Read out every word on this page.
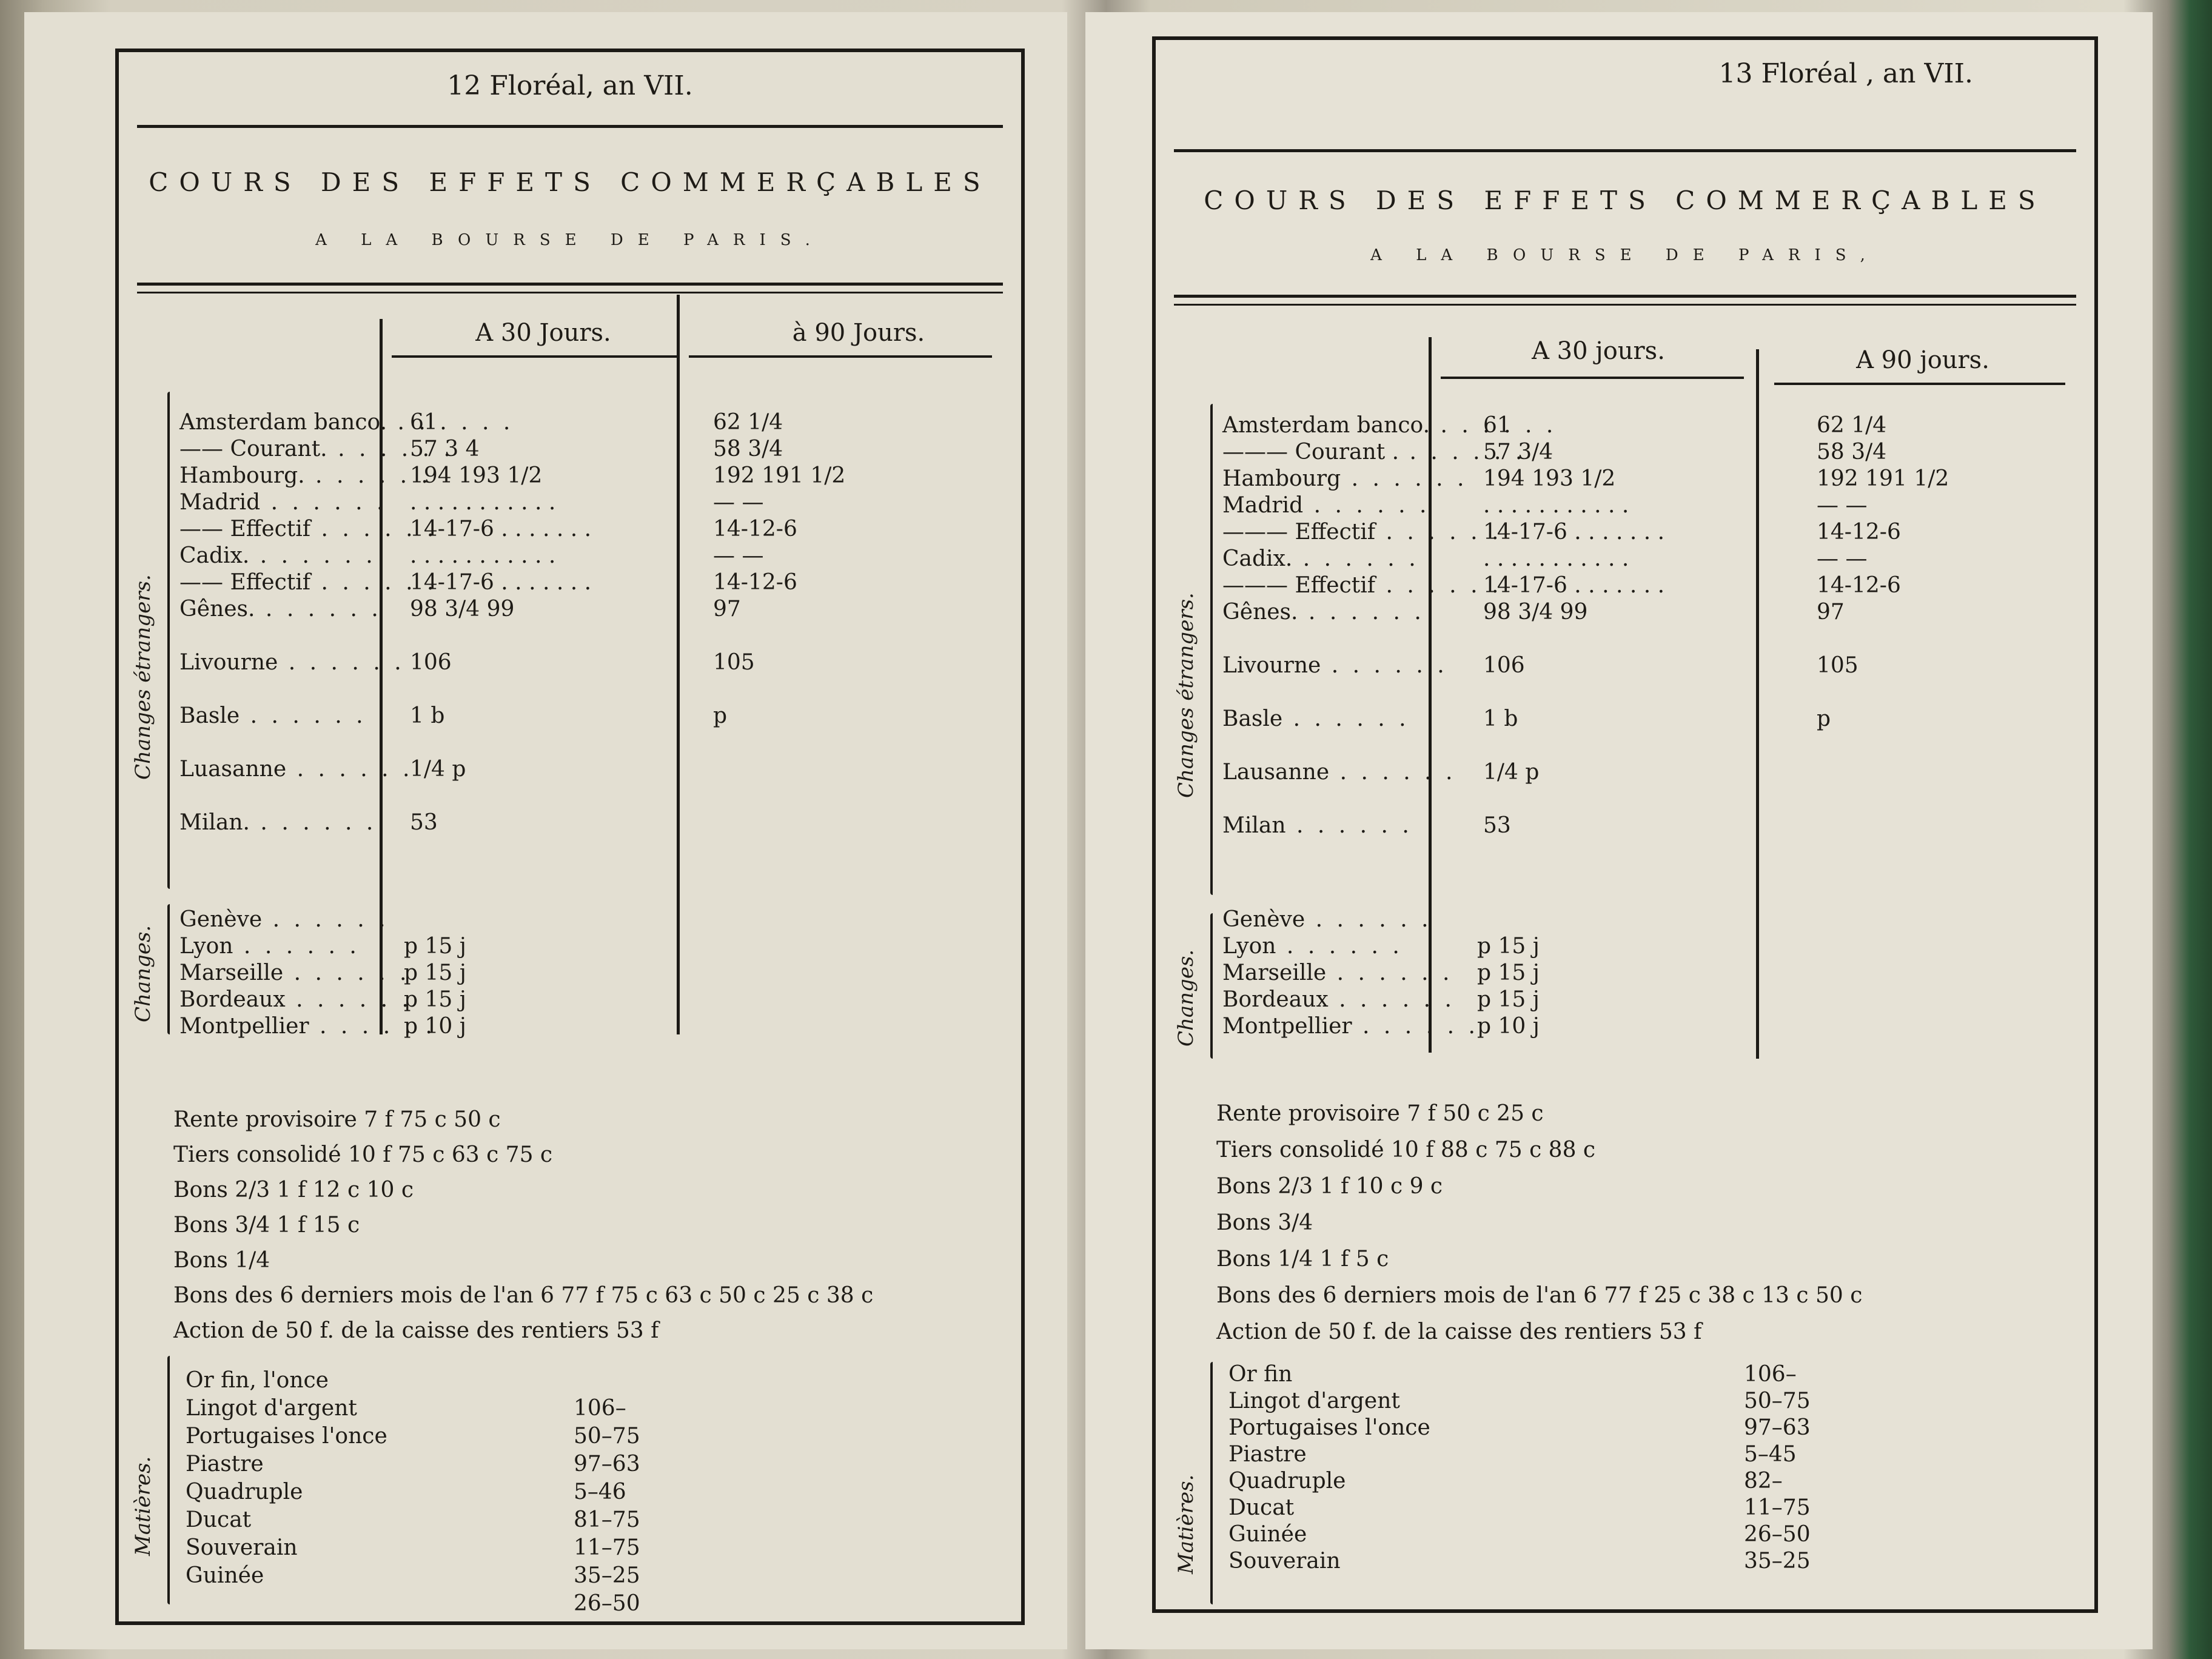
12 Floréal, an VII.
COURS DES EFFETS COMMERÇABLES
A LA BOURSE DE PARIS.
A 30 Jours.	à 90 Jours.
Changes étrangers.
Amsterdam banco. . . .	61	62 1/4
—— Courant. . . .	57 3 4	58 3/4
Hambourg. . . .	194 193 1/2	192 191 1/2
Madrid . . .	. . . . . . . . . . .	— —
—— Effectif . . .	14-17-6 . . . . . . .	14-12-6
Cadix. . . .	. . . . . . . . . . .	— —
—— Effectif . . .	14-17-6 . . . . . . .	14-12-6
Gênes. . . .	98 3/4 99	97
Livourne . . .	106	105
Basle . . .	1 b	p
Luasanne . . .	1/4 p
Milan. . . .	53
Changes.
Genève . . .
Lyon . . .	p 15 j
Marseille . . .	p 15 j
Bordeaux . . .	p 15 j
Montpellier . . .	p 10 j
Rente provisoire 7 f 75 c 50 c
Tiers consolidé 10 f 75 c 63 c 75 c
Bons 2/3 1 f 12 c 10 c
Bons 3/4 1 f 15 c
Bons 1/4
Bons des 6 derniers mois de l'an 6 77 f 75 c 63 c 50 c 25 c 38 c
Action de 50 f. de la caisse des rentiers 53 f
Matières.
Or fin, l'once
Lingot d'argent	106–
Portugaises l'once	50–75
Piastre	97–63
Quadruple	5–46
Ducat	81–75
Souverain	11–75
Guinée	35–25
26–50
13 Floréal , an VII.
COURS DES EFFETS COMMERÇABLES
A LA BOURSE DE PARIS,
A 30 jours.	A 90 jours.
Changes étrangers.
Amsterdam banco. . . .	61	62 1/4
——— Courant . . . .	57 3/4	58 3/4
Hambourg . . .	194 193 1/2	192 191 1/2
Madrid . . .	. . . . . . . . . . .	— —
——— Effectif . . .	14-17-6 . . . . . . .	14-12-6
Cadix. . . .	. . . . . . . . . . .	— —
——— Effectif . . .	14-17-6 . . . . . . .	14-12-6
Gênes. . . .	98 3/4 99	97
Livourne . . .	106	105
Basle . . .	1 b	p
Lausanne . . .	1/4 p
Milan . . .	53
Changes.
Genève . . .
Lyon . . .	p 15 j
Marseille . . .	p 15 j
Bordeaux . . .	p 15 j
Montpellier . . .	p 10 j
Rente provisoire 7 f 50 c 25 c
Tiers consolidé 10 f 88 c 75 c 88 c
Bons 2/3 1 f 10 c 9 c
Bons 3/4
Bons 1/4 1 f 5 c
Bons des 6 derniers mois de l'an 6 77 f 25 c 38 c 13 c 50 c
Action de 50 f. de la caisse des rentiers 53 f
Matières.
Or fin	106–
Lingot d'argent	50–75
Portugaises l'once	97–63
Piastre	5–45
Quadruple	82–
Ducat	11–75
Guinée	26–50
Souverain	35–25
